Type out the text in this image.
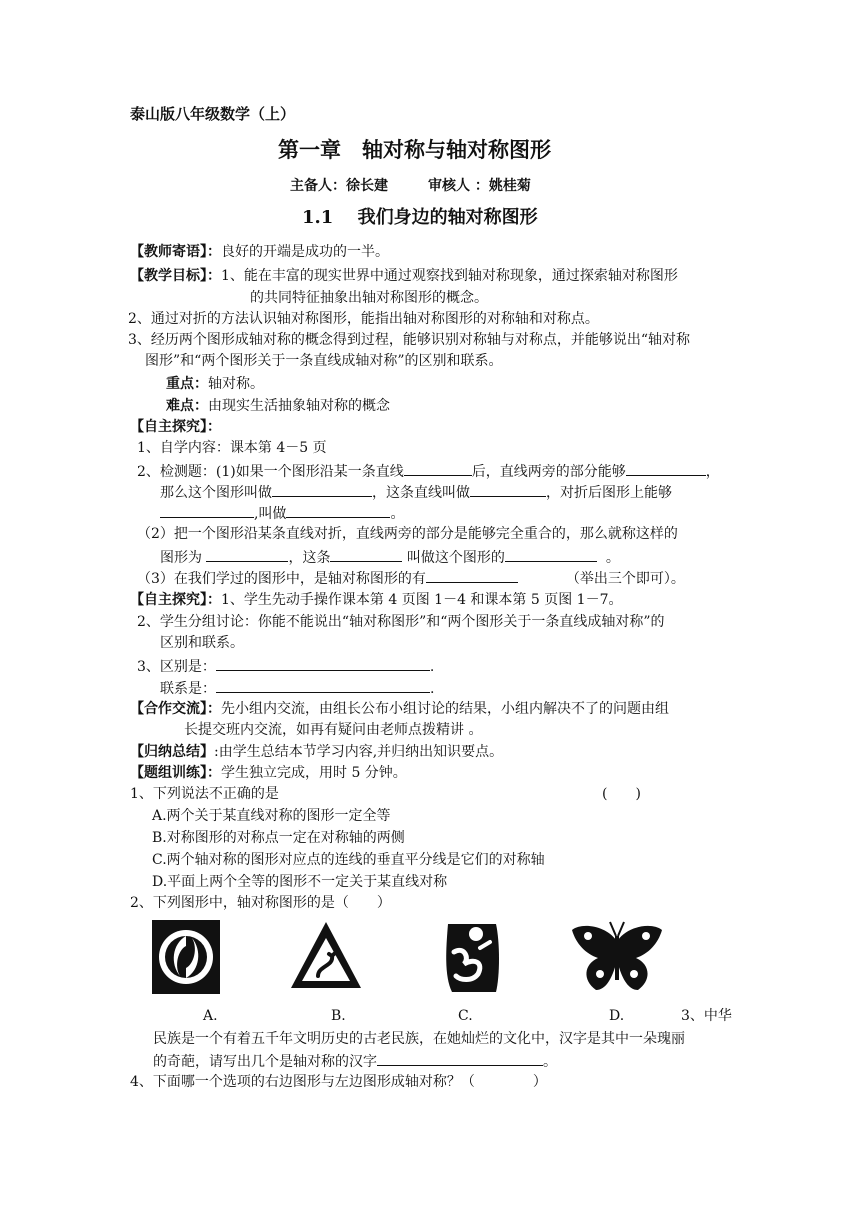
泰山版八年级数学（上）
第一章　轴对称与轴对称图形
主备人：徐长建	审核人 ：姚桂菊
1.1　 我们身边的轴对称图形
【教师寄语】：良好的开端是成功的一半。
【教学目标】：1、能在丰富的现实世界中通过观察找到轴对称现象，通过探索轴对称图形
的共同特征抽象出轴对称图形的概念。
2、通过对折的方法认识轴对称图形，能指出轴对称图形的对称轴和对称点。
3、经历两个图形成轴对称的概念得到过程，能够识别对称轴与对称点，并能够说出“轴对称
图形”和“两个图形关于一条直线成轴对称”的区别和联系。
重点：轴对称。
难点：由现实生活抽象轴对称的概念
【自主探究】：
1、自学内容：课本第 4－5 页
2、检测题：(1)如果一个图形沿某一条直线	后，直线两旁的部分能够	，
那么这个图形叫做	，这条直线叫做	，对折后图形上能够
,叫做	。
（2）把一个图形沿某条直线对折，直线两旁的部分是能够完全重合的，那么就称这样的
图形为	，这条	叫做这个图形的	。
（3）在我们学过的图形中，是轴对称图形的有	（举出三个即可）。
【自主探究】：1、学生先动手操作课本第 4 页图 1－4 和课本第 5 页图 1－7。
2、学生分组讨论：你能不能说出“轴对称图形”和“两个图形关于一条直线成轴对称”的
区别和联系。
3、区别是：	.
联系是：	.
【合作交流】：先小组内交流，由组长公布小组讨论的结果，小组内解决不了的问题由组
长提交班内交流，如再有疑问由老师点拨精讲 。
【归纳总结】:由学生总结本节学习内容,并归纳出知识要点。
【题组训练】：学生独立完成，用时 5 分钟。
1、下列说法不正确的是	(　　)
A.两个关于某直线对称的图形一定全等
B.对称图形的对称点一定在对称轴的两侧
C.两个轴对称的图形对应点的连线的垂直平分线是它们的对称轴
D.平面上两个全等的图形不一定关于某直线对称
2、下列图形中，轴对称图形的是（　　）
A.	B.	C.	D.	3、中华
民族是一个有着五千年文明历史的古老民族，在她灿烂的文化中，汉字是其中一朵瑰丽
的奇葩，请写出几个是轴对称的汉字	。
4、下面哪一个选项的右边图形与左边图形成轴对称？（	）
